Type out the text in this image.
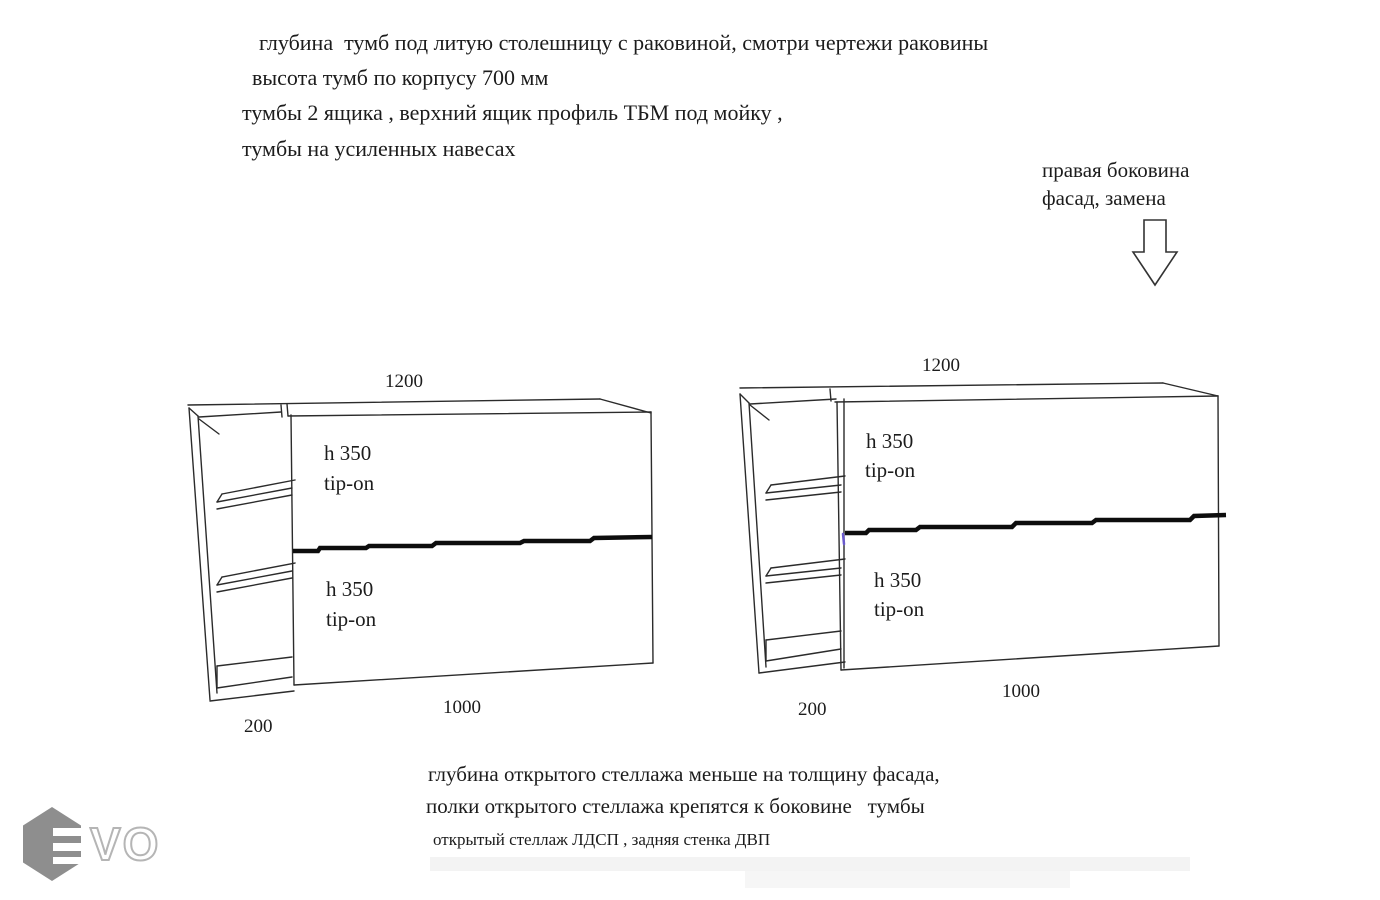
глубина  тумб под литую столешницу с раковиной, смотри чертежи раковины
высота тумб по корпусу 700 мм
тумбы 2 ящика , верхний ящик профиль ТБМ под мойку ,
тумбы на усиленных навесах
правая боковина
фасад, замена
1200
h 350
tip-on
h 350
tip-on
1000
200
1200
h 350
tip-on
h 350
tip-on
1000
200
глубина открытого стеллажа меньше на толщину фасада,
полки открытого стеллажа крепятся к боковине   тумбы
открытый стеллаж ЛДСП , задняя стенка ДВП
VO
